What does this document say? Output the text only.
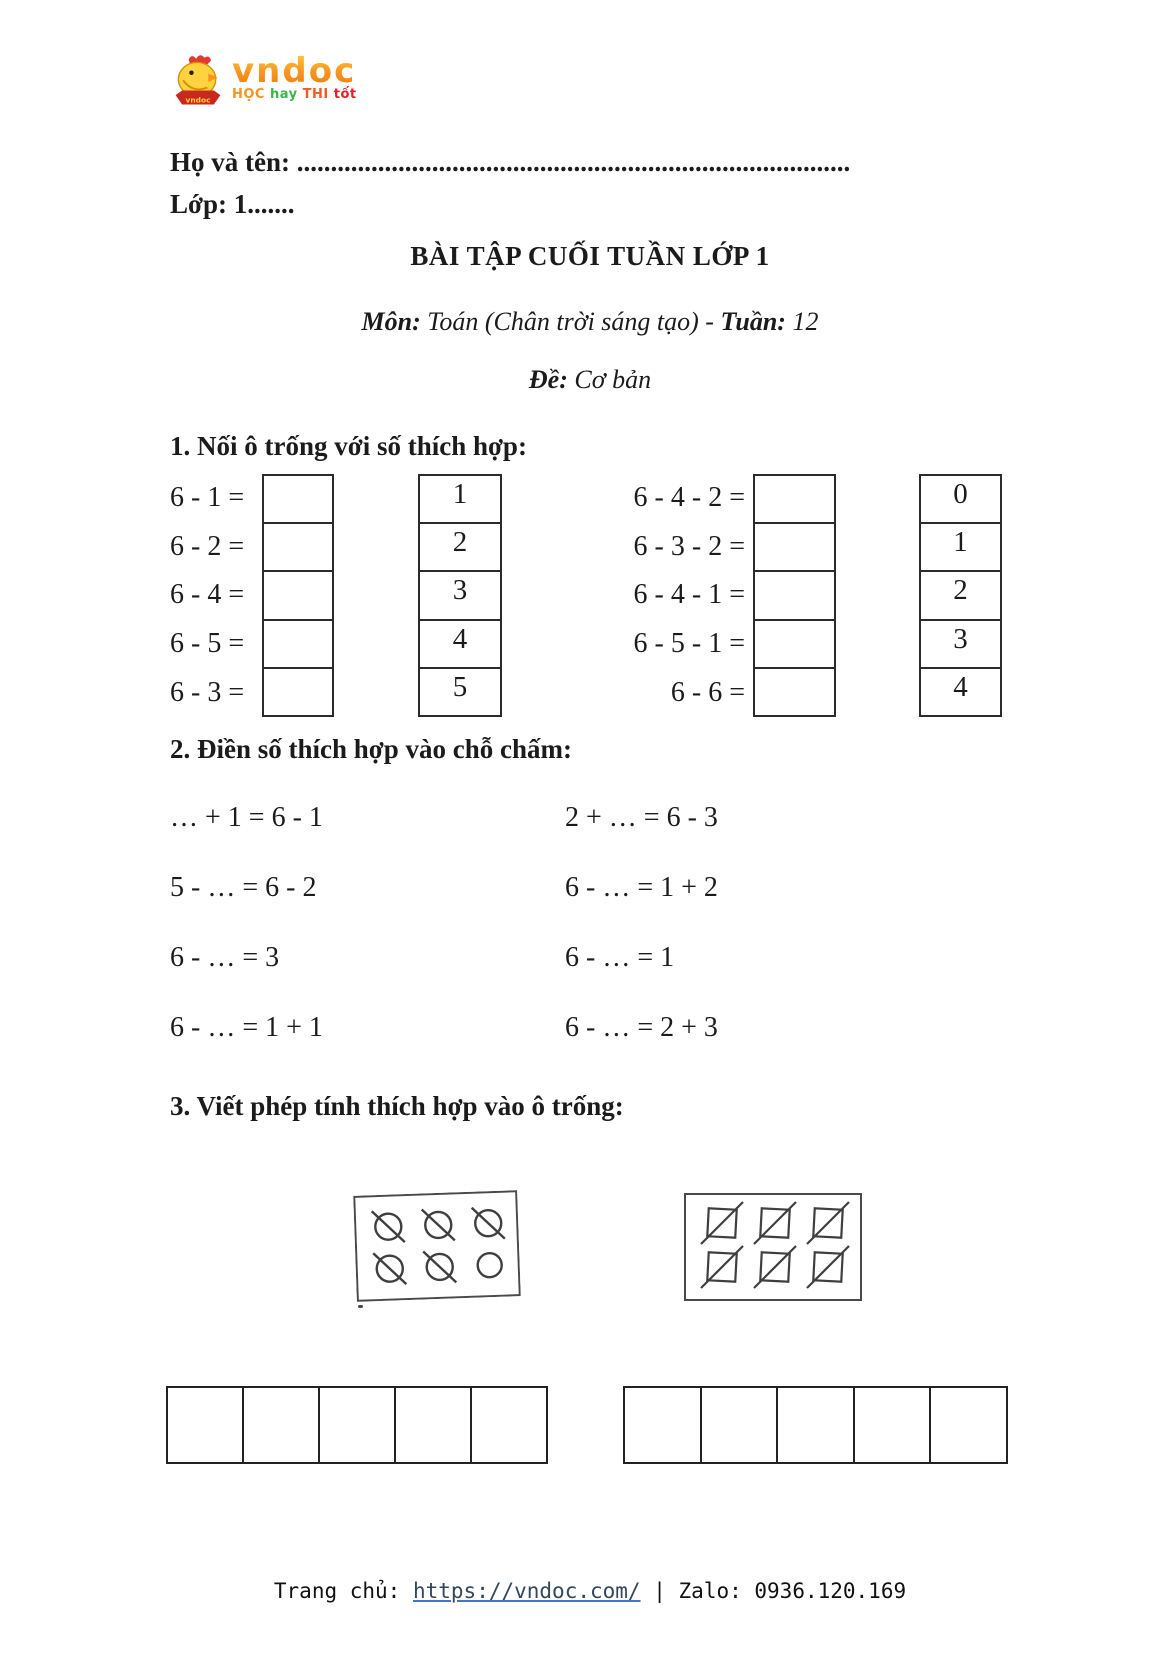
vndoc
vndoc
HỌC hay THI tốt
Họ và tên: ..................................................................................
Lớp: 1.......
BÀI TẬP CUỐI TUẦN LỚP 1
Môn: Toán (Chân trời sáng tạo) - Tuần: 12
Đề: Cơ bản
1. Nối ô trống với số thích hợp:
6 - 1 =
6 - 2 =
6 - 4 =
6 - 5 =
6 - 3 =
1
2
3
4
5
6 - 4 - 2 =
6 - 3 - 2 =
6 - 4 - 1 =
6 - 5 - 1 =
6 - 6 =
0
1
2
3
4
2. Điền số thích hợp vào chỗ chấm:
… + 1 = 6 - 1	2 + … = 6 - 3
5 - … = 6 - 2	6 - … = 1 + 2
6 - … = 3	6 - … = 1
6 - … = 1 + 1	6 - … = 2 + 3
3. Viết phép tính thích hợp vào ô trống:
Trang chủ: https://vndoc.com/ | Zalo: 0936.120.169
